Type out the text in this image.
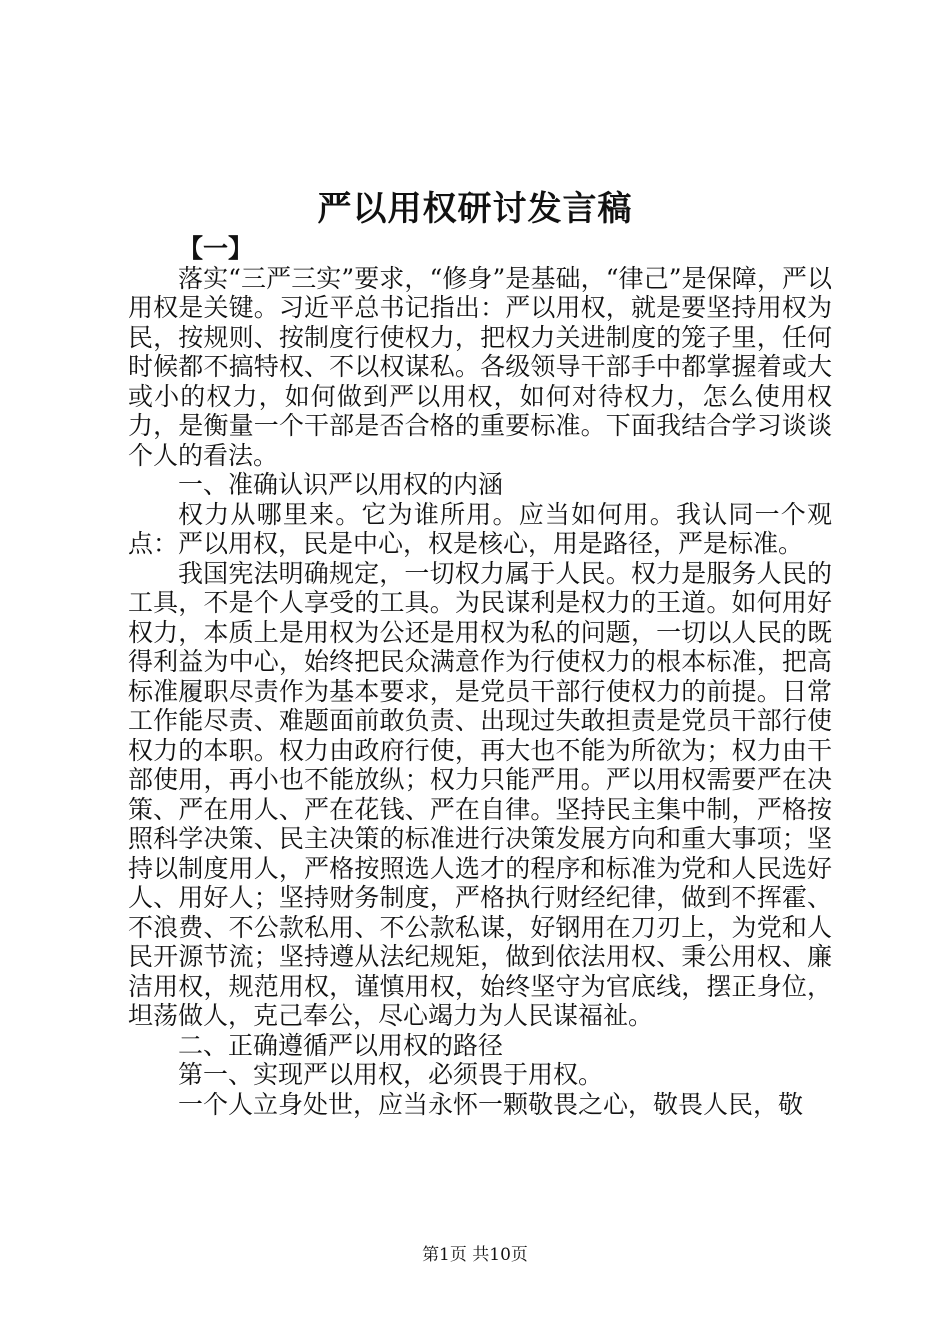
严以用权研讨发言稿

【一】

落实“三严三实”要求，“修身”是基础，“律己”是保障，严以用权是关键。习近平总书记指出：严以用权，就是要坚持用权为民，按规则、按制度行使权力，把权力关进制度的笼子里，任何时候都不搞特权、不以权谋私。各级领导干部手中都掌握着或大或小的权力，如何做到严以用权，如何对待权力，怎么使用权力，是衡量一个干部是否合格的重要标准。下面我结合学习谈谈个人的看法。

一、准确认识严以用权的内涵

权力从哪里来。它为谁所用。应当如何用。我认同一个观点：严以用权，民是中心，权是核心，用是路径，严是标准。

我国宪法明确规定，一切权力属于人民。权力是服务人民的工具，不是个人享受的工具。为民谋利是权力的王道。如何用好权力，本质上是用权为公还是用权为私的问题，一切以人民的既得利益为中心，始终把民众满意作为行使权力的根本标准，把高标准履职尽责作为基本要求，是党员干部行使权力的前提。日常工作能尽责、难题面前敢负责、出现过失敢担责是党员干部行使权力的本职。权力由政府行使，再大也不能为所欲为；权力由干部使用，再小也不能放纵；权力只能严用。严以用权需要严在决策、严在用人、严在花钱、严在自律。坚持民主集中制，严格按照科学决策、民主决策的标准进行决策发展方向和重大事项；坚持以制度用人，严格按照选人选才的程序和标准为党和人民选好人、用好人；坚持财务制度，严格执行财经纪律，做到不挥霍、不浪费、不公款私用、不公款私谋，好钢用在刀刃上，为党和人民开源节流；坚持遵从法纪规矩，做到依法用权、秉公用权、廉洁用权，规范用权，谨慎用权，始终坚守为官底线，摆正身位，坦荡做人，克己奉公，尽心竭力为人民谋福祉。

二、正确遵循严以用权的路径

第一、实现严以用权，必须畏于用权。

一个人立身处世，应当永怀一颗敬畏之心，敬畏人民，敬

第1页 共10页
